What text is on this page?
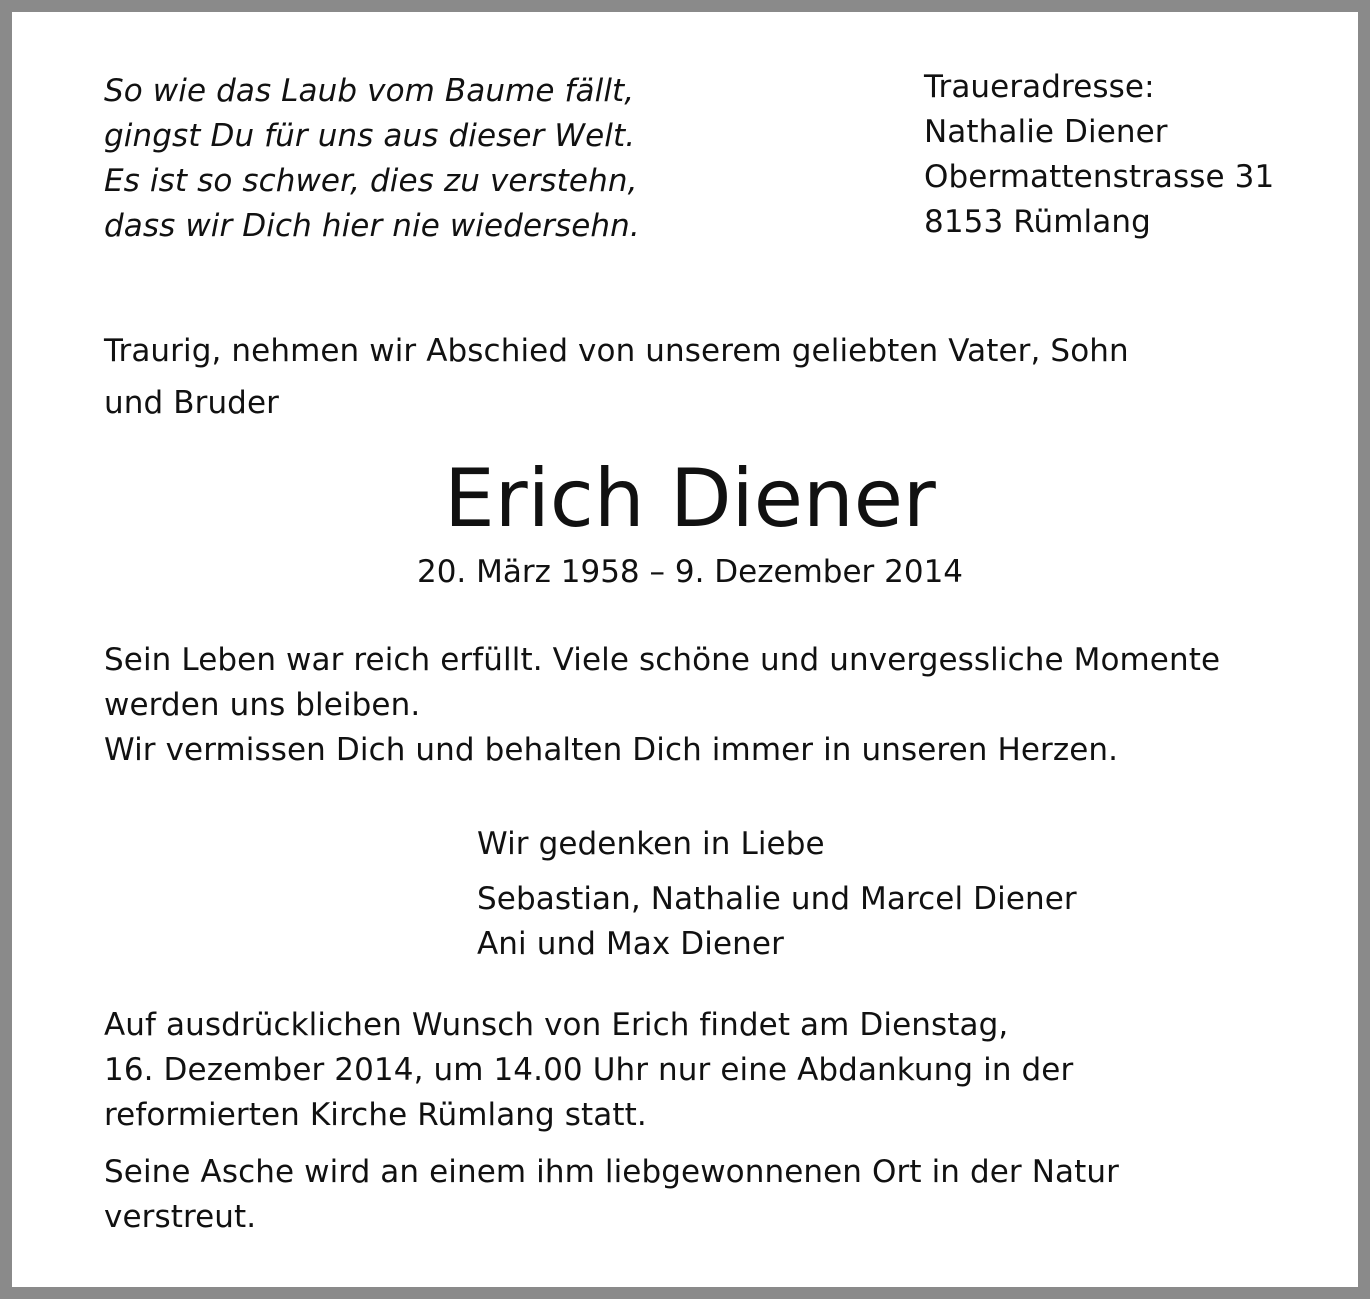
So wie das Laub vom Baume fällt,
gingst Du für uns aus dieser Welt.
Es ist so schwer, dies zu verstehn,
dass wir Dich hier nie wiedersehn.
Traueradresse:
Nathalie Diener
Obermattenstrasse 31
8153 Rümlang
Traurig, nehmen wir Abschied von unserem geliebten Vater, Sohn
und Bruder
Erich Diener
20. März 1958 – 9. Dezember 2014
Sein Leben war reich erfüllt. Viele schöne und unvergessliche Momente
werden uns bleiben.
Wir vermissen Dich und behalten Dich immer in unseren Herzen.
Wir gedenken in Liebe
Sebastian, Nathalie und Marcel Diener
Ani und Max Diener
Auf ausdrücklichen Wunsch von Erich findet am Dienstag,
16. Dezember 2014, um 14.00 Uhr nur eine Abdankung in der
reformierten Kirche Rümlang statt.
Seine Asche wird an einem ihm liebgewonnenen Ort in der Natur
verstreut.
